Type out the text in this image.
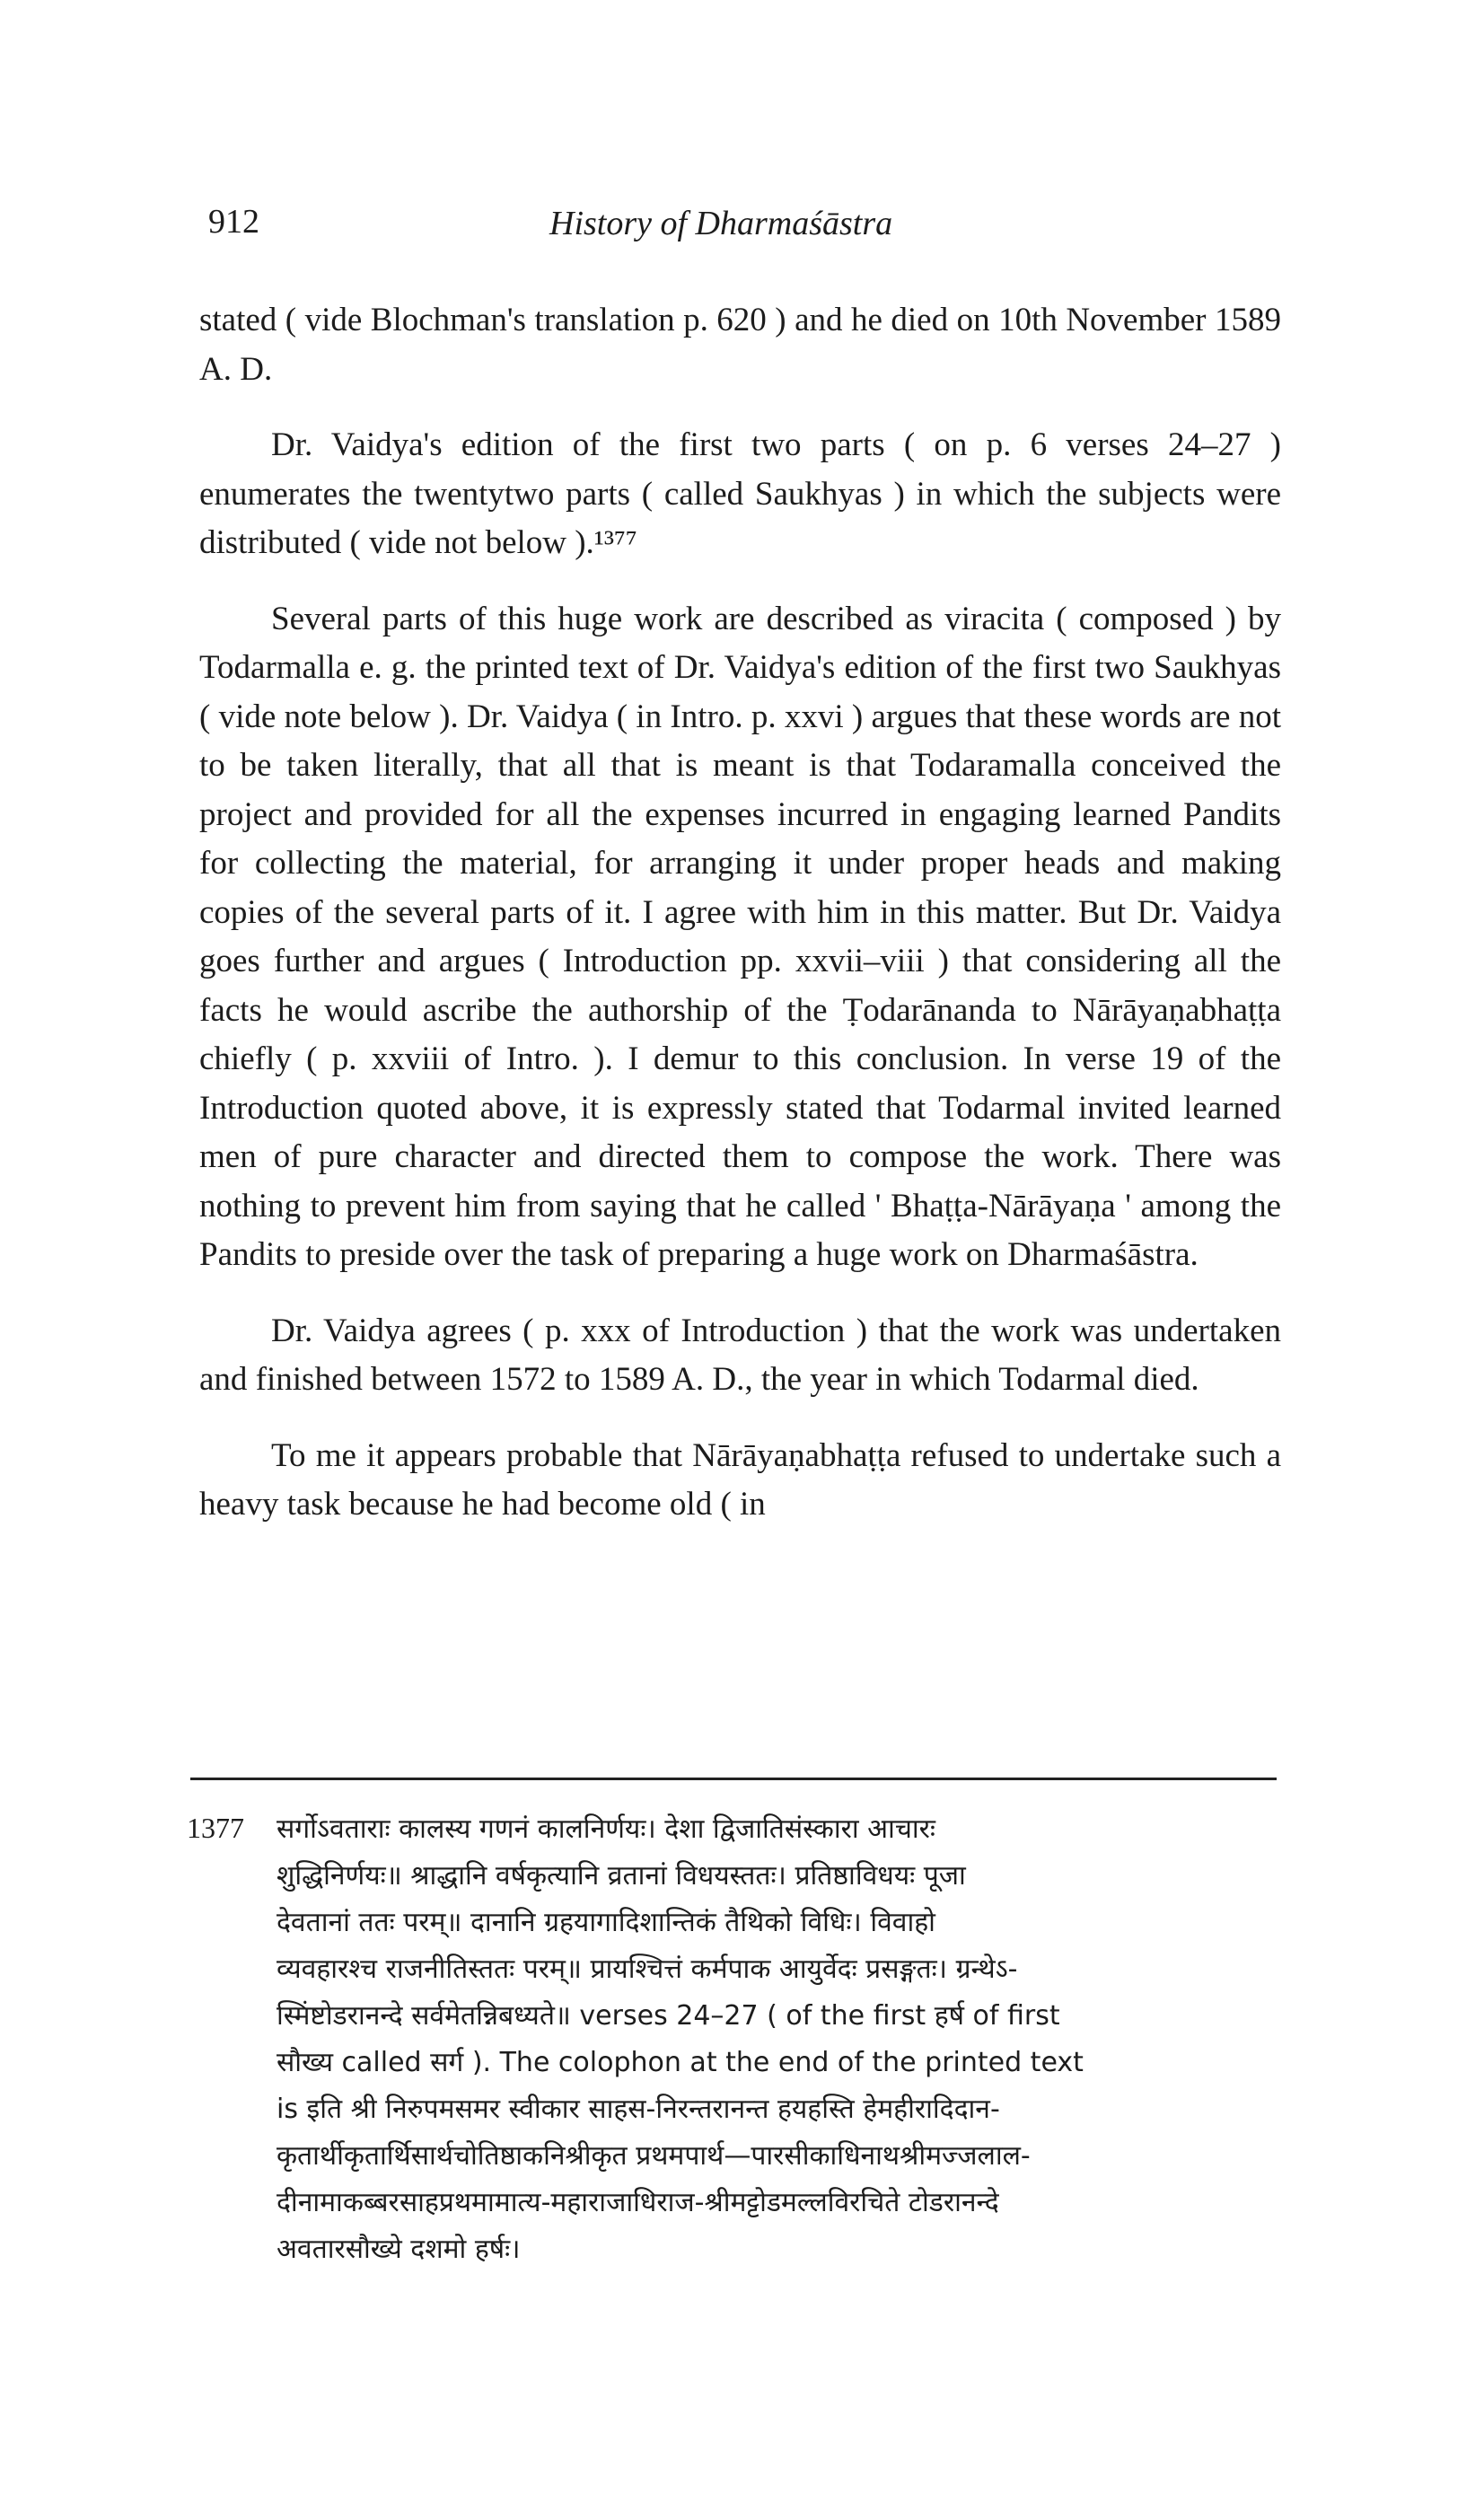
912	History of Dharmaśāstra

stated ( vide Blochman's translation p. 620 ) and he died on 10th November 1589 A. D.

Dr. Vaidya's edition of the first two parts ( on p. 6 verses 24–27 ) enumerates the twentytwo parts ( called Saukhyas ) in which the subjects were distributed ( vide not below ).¹³⁷⁷

Several parts of this huge work are described as viracita ( composed ) by Todarmalla e. g. the printed text of Dr. Vaidya's edition of the first two Saukhyas ( vide note below ). Dr. Vaidya ( in Intro. p. xxvi ) argues that these words are not to be taken literally, that all that is meant is that Todaramalla conceived the project and provided for all the expenses incurred in engaging learned Pandits for collecting the material, for arranging it under proper heads and making copies of the several parts of it. I agree with him in this matter. But Dr. Vaidya goes further and argues ( Introduction pp. xxvii–viii ) that considering all the facts he would ascribe the authorship of the Ṭodarānanda to Nārāyaṇabhaṭṭa chiefly ( p. xxviii of Intro. ). I demur to this conclusion. In verse 19 of the Introduction quoted above, it is expressly stated that Todarmal invited learned men of pure character and directed them to compose the work. There was nothing to prevent him from saying that he called ' Bhaṭṭa-Nārāyaṇa ' among the Pandits to preside over the task of preparing a huge work on Dharmaśāstra.

Dr. Vaidya agrees ( p. xxx of Introduction ) that the work was undertaken and finished between 1572 to 1589 A. D., the year in which Todarmal died.

To me it appears probable that Nārāyaṇabhaṭṭa refused to undertake such a heavy task because he had become old ( in

1377 सर्गोऽवताराः कालस्य गणनं कालनिर्णयः। देशा द्विजातिसंस्कारा आचारः
शुद्धिनिर्णयः॥ श्राद्धानि वर्षकृत्यानि व्रतानां विधयस्ततः। प्रतिष्ठाविधयः पूजा
देवतानां ततः परम्॥ दानानि ग्रहयागादिशान्तिकं तैथिको विधिः। विवाहो
व्यवहारश्च राजनीतिस्ततः परम्॥ प्रायश्चित्तं कर्मपाक आयुर्वेदः प्रसङ्गतः। ग्रन्थेऽ-
स्मिंष्टोडरानन्दे सर्वमेतन्निबध्यते॥ verses 24–27 ( of the first हर्ष of first
सौख्य called सर्ग ). The colophon at the end of the printed text
is इति श्री निरुपमसमर स्वीकार साहस-निरन्तरानन्त हयहस्ति हेमहीरादिदान-
कृतार्थीकृतार्थिसार्थचोतिष्ठाकनिश्रीकृत प्रथमपार्थ—पारसीकाधिनाथश्रीमज्जलाल-
दीनामाकब्बरसाहप्रथमामात्य-महाराजाधिराज-श्रीमट्टोडमल्लविरचिते टोडरानन्दे
अवतारसौख्ये दशमो हर्षः।
